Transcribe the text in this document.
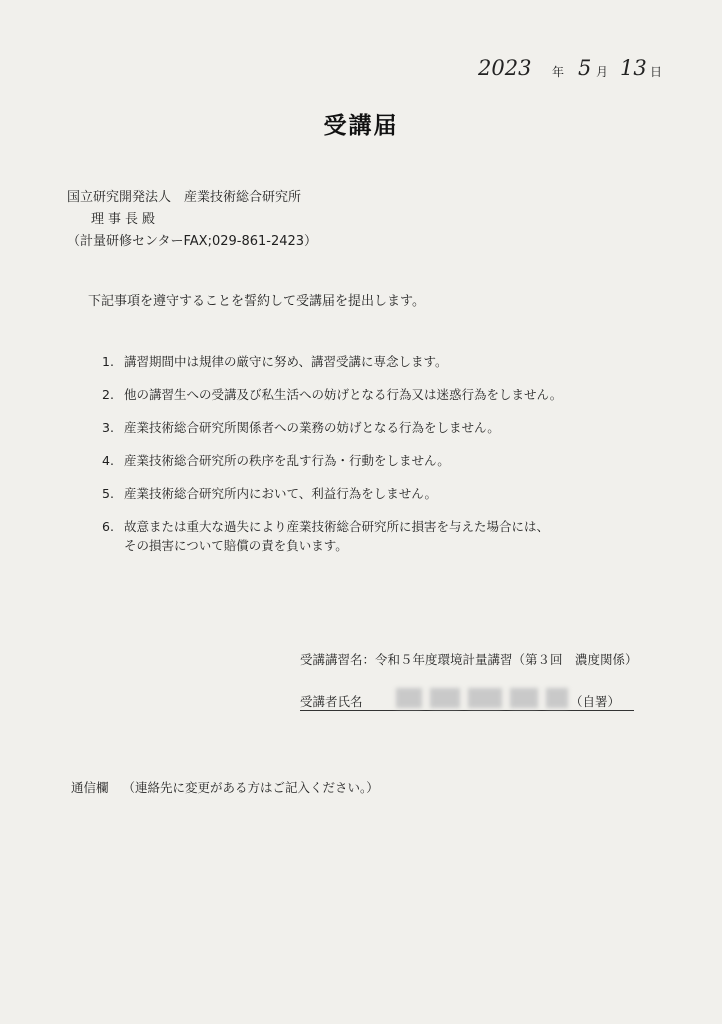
2023 年 5 月 13 日
受講届
国立研究開発法人　産業技術総合研究所
理事長殿
（計量研修センターFAX;029-861-2423）
下記事項を遵守することを誓約して受講届を提出します。
1. 講習期間中は規律の厳守に努め、講習受講に専念します。
2. 他の講習生への受講及び私生活への妨げとなる行為又は迷惑行為をしません。
3. 産業技術総合研究所関係者への業務の妨げとなる行為をしません。
4. 産業技術総合研究所の秩序を乱す行為・行動をしません。
5. 産業技術総合研究所内において、利益行為をしません。
6. 故意または重大な過失により産業技術総合研究所に損害を与えた場合には、
その損害について賠償の責を負います。
受講講習名：令和５年度環境計量講習（第３回　濃度関係）
受講者氏名	（自署）
通信欄 （連絡先に変更がある方はご記入ください。）
